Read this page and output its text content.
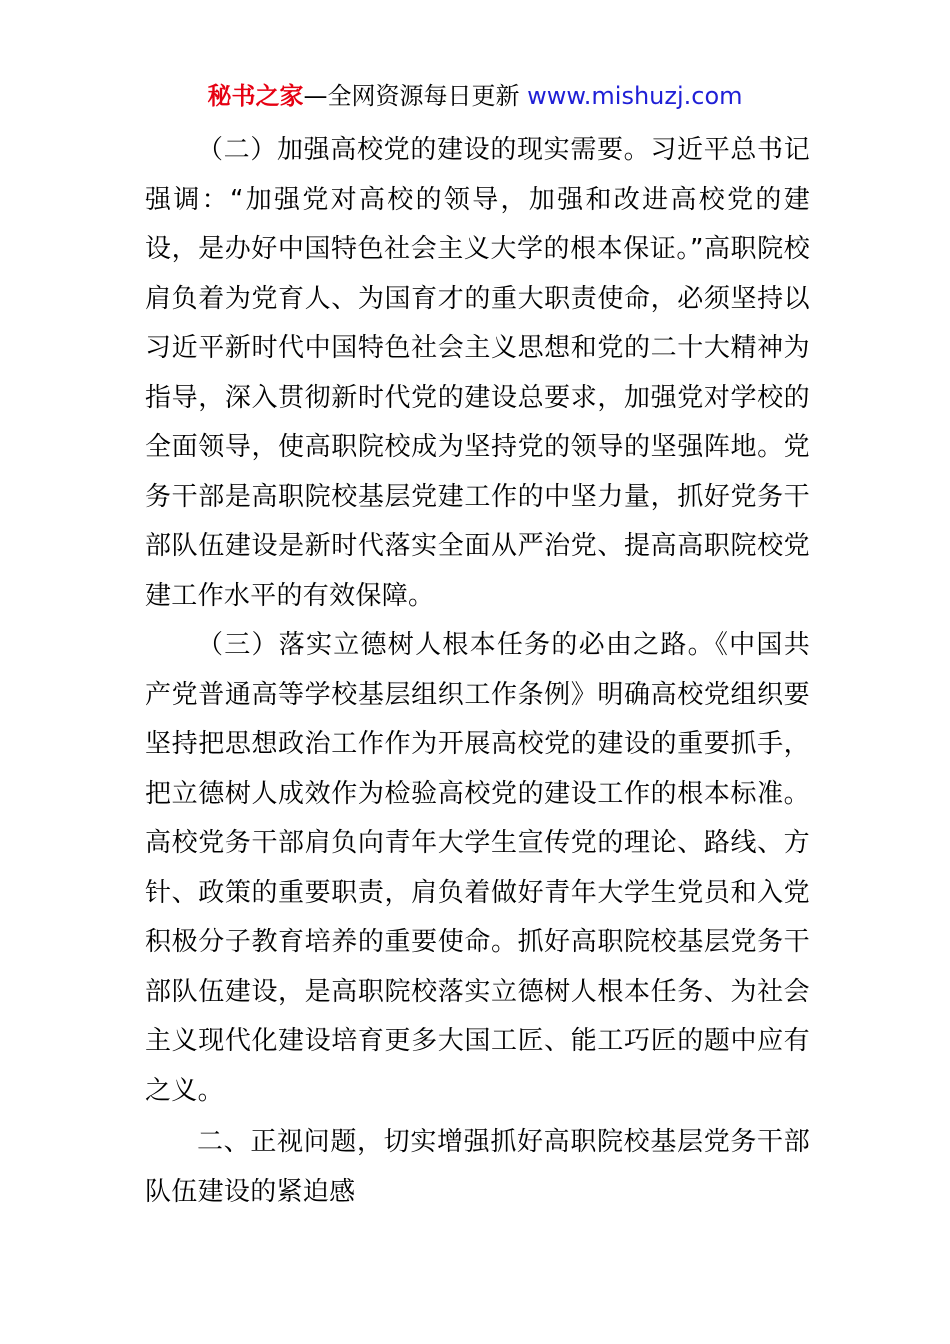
秘书之家—全网资源每日更新 www.mishuzj.com

（二）加强高校党的建设的现实需要。习近平总书记强调：“加强党对高校的领导，加强和改进高校党的建设，是办好中国特色社会主义大学的根本保证。”高职院校肩负着为党育人、为国育才的重大职责使命，必须坚持以习近平新时代中国特色社会主义思想和党的二十大精神为指导，深入贯彻新时代党的建设总要求，加强党对学校的全面领导，使高职院校成为坚持党的领导的坚强阵地。党务干部是高职院校基层党建工作的中坚力量，抓好党务干部队伍建设是新时代落实全面从严治党、提高高职院校党建工作水平的有效保障。

（三）落实立德树人根本任务的必由之路。《中国共产党普通高等学校基层组织工作条例》明确高校党组织要坚持把思想政治工作作为开展高校党的建设的重要抓手，把立德树人成效作为检验高校党的建设工作的根本标准。高校党务干部肩负向青年大学生宣传党的理论、路线、方针、政策的重要职责，肩负着做好青年大学生党员和入党积极分子教育培养的重要使命。抓好高职院校基层党务干部队伍建设，是高职院校落实立德树人根本任务、为社会主义现代化建设培育更多大国工匠、能工巧匠的题中应有之义。

二、正视问题，切实增强抓好高职院校基层党务干部队伍建设的紧迫感
